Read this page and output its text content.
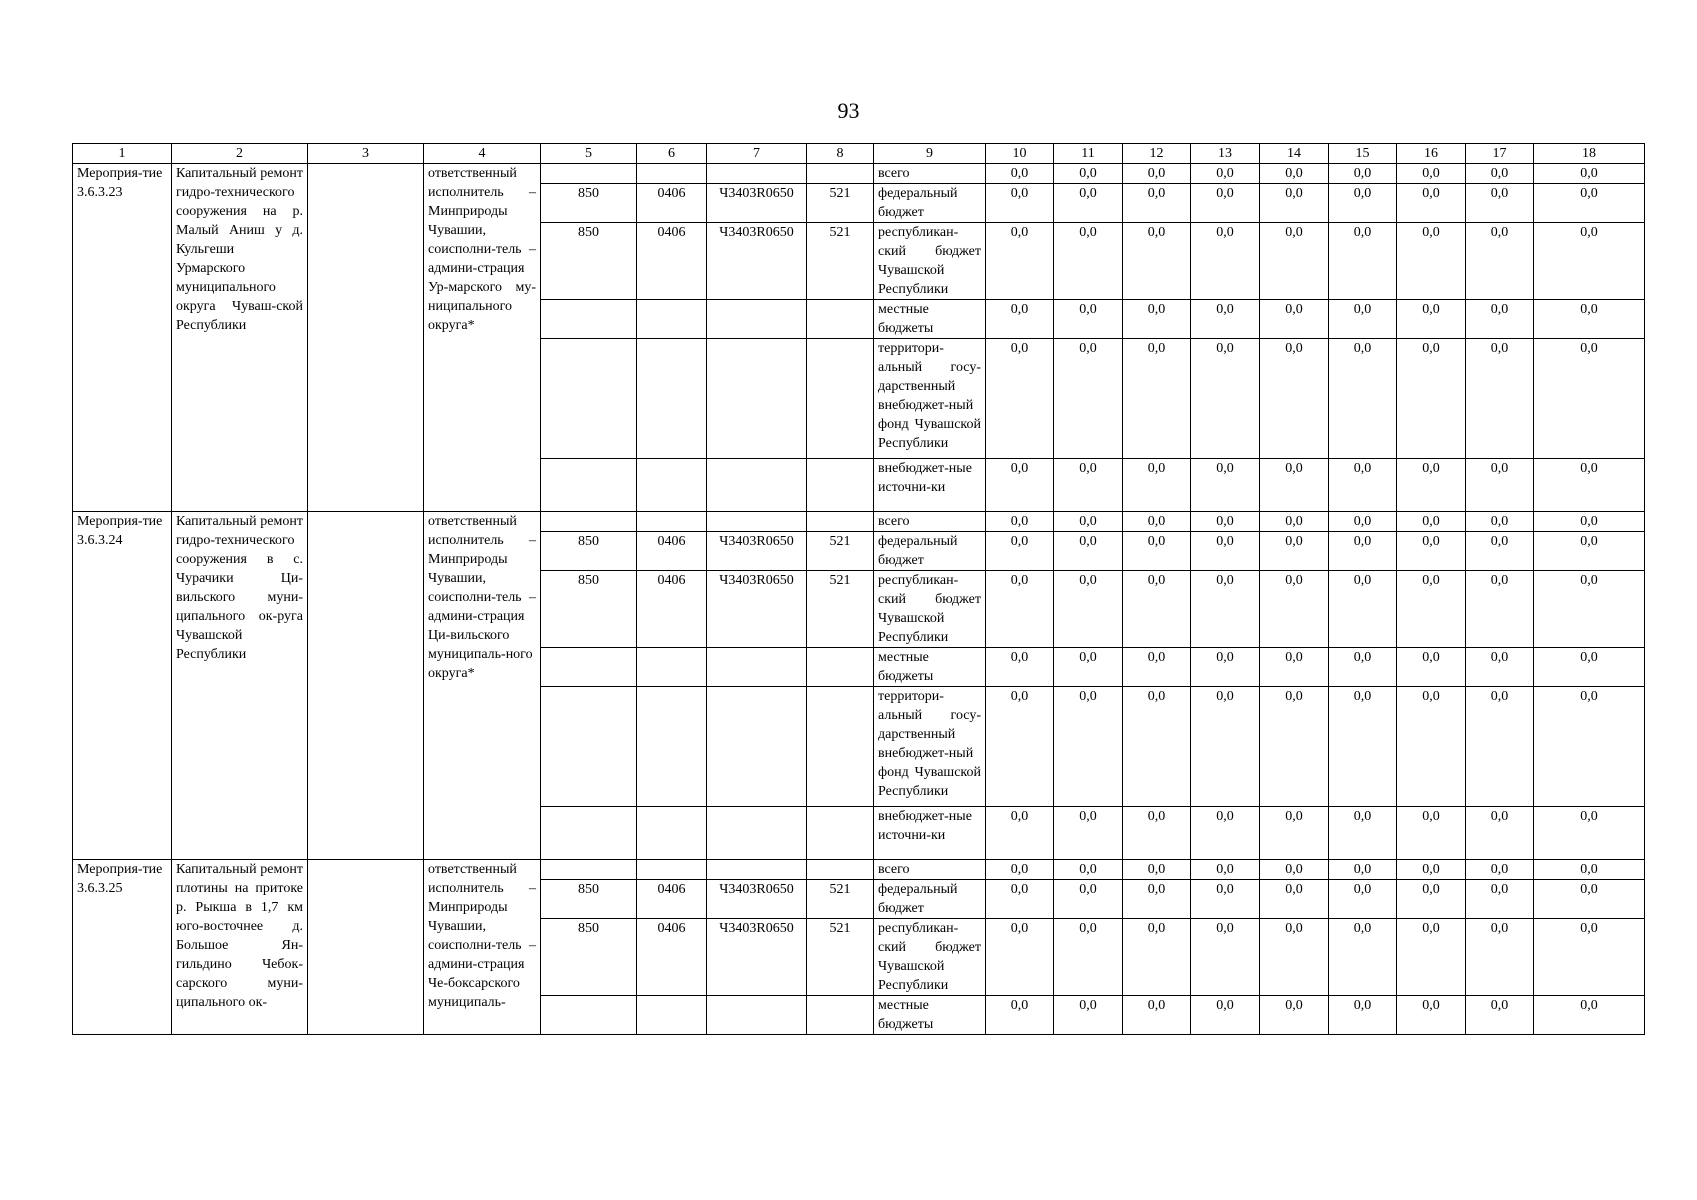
93
1	2	3	4	5	6	7	8	9	10	11	12	13	14	15	16	17	18
Мероприя-тие 3.6.3.23	Капитальный ремонт гидро-технического сооружения на р. Малый Аниш у д. Кульгеши Урмарского муниципального округа Чуваш-ской Республики		ответственный исполнитель – Минприроды Чувашии, соисполни-тель – админи-страция Ур-марского му-ниципального округа*					всего	0,0	0,0	0,0	0,0	0,0	0,0	0,0	0,0	0,0
				850	0406	Ч3403R0650	521	федеральный бюджет	0,0	0,0	0,0	0,0	0,0	0,0	0,0	0,0	0,0
				850	0406	Ч3403R0650	521	республикан-ский бюджет Чувашской Республики	0,0	0,0	0,0	0,0	0,0	0,0	0,0	0,0	0,0
								местные бюджеты	0,0	0,0	0,0	0,0	0,0	0,0	0,0	0,0	0,0
								территори-альный госу-дарственный внебюджет-ный фонд Чувашской Республики	0,0	0,0	0,0	0,0	0,0	0,0	0,0	0,0	0,0
								внебюджет-ные источни-ки	0,0	0,0	0,0	0,0	0,0	0,0	0,0	0,0	0,0
Мероприя-тие 3.6.3.24	Капитальный ремонт гидро-технического сооружения в с. Чурачики Ци-вильского муни-ципального ок-руга Чувашской Республики		ответственный исполнитель – Минприроды Чувашии, соисполни-тель – админи-страция Ци-вильского муниципаль-ного округа*					всего	0,0	0,0	0,0	0,0	0,0	0,0	0,0	0,0	0,0
				850	0406	Ч3403R0650	521	федеральный бюджет	0,0	0,0	0,0	0,0	0,0	0,0	0,0	0,0	0,0
				850	0406	Ч3403R0650	521	республикан-ский бюджет Чувашской Республики	0,0	0,0	0,0	0,0	0,0	0,0	0,0	0,0	0,0
								местные бюджеты	0,0	0,0	0,0	0,0	0,0	0,0	0,0	0,0	0,0
								территори-альный госу-дарственный внебюджет-ный фонд Чувашской Республики	0,0	0,0	0,0	0,0	0,0	0,0	0,0	0,0	0,0
								внебюджет-ные источни-ки	0,0	0,0	0,0	0,0	0,0	0,0	0,0	0,0	0,0
Мероприя-тие 3.6.3.25	Капитальный ремонт плотины на притоке р. Рыкша в 1,7 км юго-восточнее д. Большое Ян-гильдино Чебок-сарского муни-ципального ок-		ответственный исполнитель – Минприроды Чувашии, соисполни-тель – админи-страция Че-боксарского муниципаль-					всего	0,0	0,0	0,0	0,0	0,0	0,0	0,0	0,0	0,0
				850	0406	Ч3403R0650	521	федеральный бюджет	0,0	0,0	0,0	0,0	0,0	0,0	0,0	0,0	0,0
				850	0406	Ч3403R0650	521	республикан-ский бюджет Чувашской Республики	0,0	0,0	0,0	0,0	0,0	0,0	0,0	0,0	0,0
								местные бюджеты	0,0	0,0	0,0	0,0	0,0	0,0	0,0	0,0	0,0
